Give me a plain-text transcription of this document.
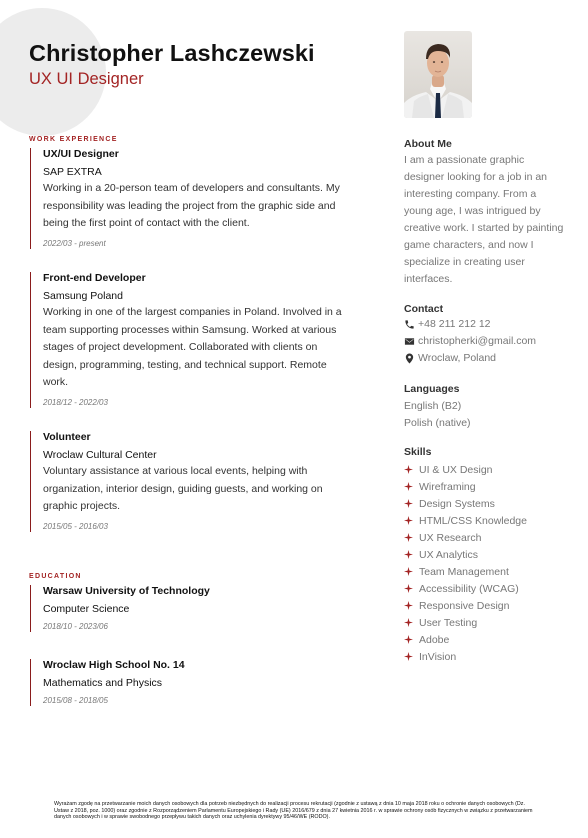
Christopher Lashczewski
UX UI Designer
WORK EXPERIENCE
UX/UI Designer
SAP EXTRA
Working in a 20-person team of developers and consultants. My responsibility was leading the project from the graphic side and being the first point of contact with the client.
2022/03 - present
Front-end Developer
Samsung Poland
Working in one of the largest companies in Poland. Involved in a team supporting processes within Samsung. Worked at various stages of project development. Collaborated with clients on design, programming, testing, and technical support. Remote work.
2018/12 - 2022/03
Volunteer
Wroclaw Cultural Center
Voluntary assistance at various local events, helping with organization, interior design, guiding guests, and working on graphic projects.
2015/05 - 2016/03
EDUCATION
Warsaw University of Technology
Computer Science
2018/10 - 2023/06
Wroclaw High School No. 14
Mathematics and Physics
2015/08 - 2018/05
About Me
I am a passionate graphic designer looking for a job in an interesting company. From a young age, I was intrigued by creative work. I started by painting game characters, and now I specialize in creating user interfaces.
Contact
+48 211 212 12
christopherki@gmail.com
Wroclaw, Poland
Languages
English (B2)
Polish (native)
Skills
UI & UX Design
Wireframing
Design Systems
HTML/CSS Knowledge
UX Research
UX Analytics
Team Management
Accessibility (WCAG)
Responsive Design
User Testing
Adobe
InVision
Wyrażam zgodę na przetwarzanie moich danych osobowych dla potrzeb niezbędnych do realizacji procesu rekrutacji (zgodnie z ustawą z dnia 10 maja 2018 roku o ochronie danych osobowych (Dz. Ustaw z 2018, poz. 1000) oraz zgodnie z Rozporządzeniem Parlamentu Europejskiego i Rady (UE) 2016/679 z dnia 27 kwietnia 2016 r. w sprawie ochrony osób fizycznych w związku z przetwarzaniem danych osobowych i w sprawie swobodnego przepływu takich danych oraz uchylenia dyrektywy 95/46/WE (RODO).
